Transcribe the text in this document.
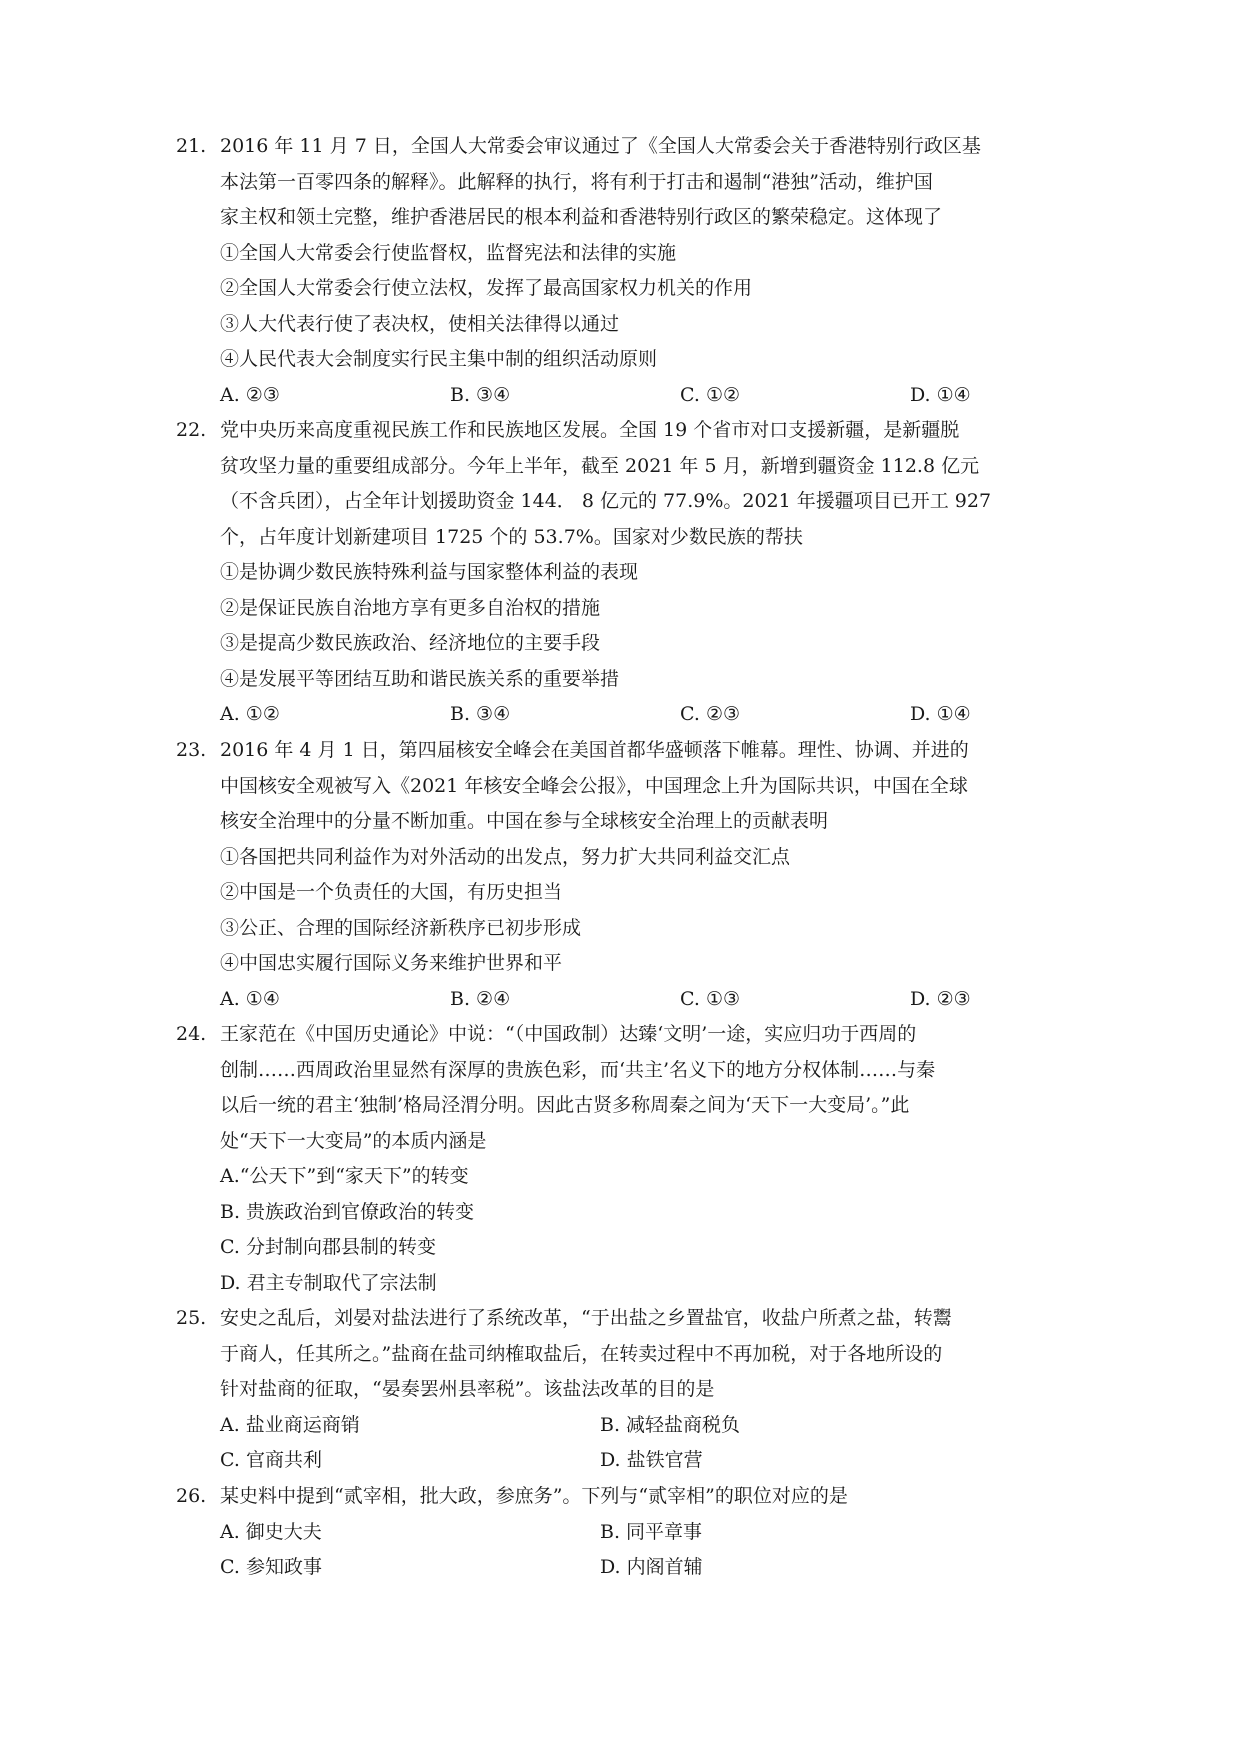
21. 2016 年 11 月 7 日，全国人大常委会审议通过了《全国人大常委会关于香港特别行政区基
本法第一百零四条的解释》。此解释的执行，将有利于打击和遏制“港独”活动，维护国
家主权和领土完整，维护香港居民的根本利益和香港特别行政区的繁荣稳定。这体现了
①全国人大常委会行使监督权，监督宪法和法律的实施
②全国人大常委会行使立法权，发挥了最高国家权力机关的作用
③人大代表行使了表决权，使相关法律得以通过
④人民代表大会制度实行民主集中制的组织活动原则
A. ②③	B. ③④	C. ①②	D. ①④
22. 党中央历来高度重视民族工作和民族地区发展。全国 19 个省市对口支援新疆，是新疆脱
贫攻坚力量的重要组成部分。今年上半年，截至 2021 年 5 月，新增到疆资金 112.8 亿元
（不含兵团），占全年计划援助资金 144． 8 亿元的 77.9%。2021 年援疆项目已开工 927
个，占年度计划新建项目 1725 个的 53.7%。国家对少数民族的帮扶
①是协调少数民族特殊利益与国家整体利益的表现
②是保证民族自治地方享有更多自治权的措施
③是提高少数民族政治、经济地位的主要手段
④是发展平等团结互助和谐民族关系的重要举措
A. ①②	B. ③④	C. ②③	D. ①④
23. 2016 年 4 月 1 日，第四届核安全峰会在美国首都华盛顿落下帷幕。理性、协调、并进的
中国核安全观被写入《2021 年核安全峰会公报》，中国理念上升为国际共识，中国在全球
核安全治理中的分量不断加重。中国在参与全球核安全治理上的贡献表明
①各国把共同利益作为对外活动的出发点，努力扩大共同利益交汇点
②中国是一个负责任的大国，有历史担当
③公正、合理的国际经济新秩序已初步形成
④中国忠实履行国际义务来维护世界和平
A. ①④	B. ②④	C. ①③	D. ②③
24. 王家范在《中国历史通论》中说：“（中国政制）达臻‘文明’一途，实应归功于西周的
创制……西周政治里显然有深厚的贵族色彩，而‘共主’名义下的地方分权体制……与秦
以后一统的君主‘独制’格局泾渭分明。因此古贤多称周秦之间为‘天下一大变局’。”此
处“天下一大变局”的本质内涵是
A.“公天下”到“家天下”的转变
B. 贵族政治到官僚政治的转变
C. 分封制向郡县制的转变
D. 君主专制取代了宗法制
25. 安史之乱后，刘晏对盐法进行了系统改革，“于出盐之乡置盐官，收盐户所煮之盐，转鬻
于商人，任其所之。”盐商在盐司纳榷取盐后，在转卖过程中不再加税，对于各地所设的
针对盐商的征取，“晏奏罢州县率税”。该盐法改革的目的是
A. 盐业商运商销	B. 减轻盐商税负
C. 官商共利	D. 盐铁官营
26. 某史料中提到“贰宰相，批大政，参庶务”。下列与“贰宰相”的职位对应的是
A. 御史大夫	B. 同平章事
C. 参知政事	D. 内阁首辅
